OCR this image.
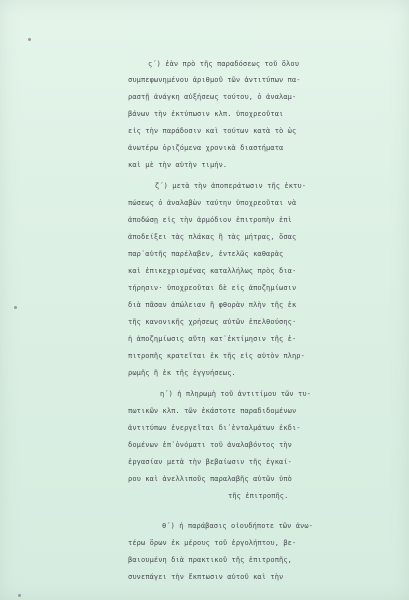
ς΄) ἐὰν πρὸ τῆς παραδόσεως τοῦ ὅλου
συμπεφωνημένου ἀριθμοῦ τῶν ἀντιτύπων πα-
ραστῇ ἀνάγκη αὐξήσεως τούτου, ὁ ἀναλαμ-
βάνων τὴν ἐκτύπωσιν κλπ. ὑποχρεοῦται
εἰς τὴν παράδοσιν καὶ τούτων κατὰ τὸ ὡς
ἀνωτέρω ὁριζόμενα χρονικὰ διαστήματα
καὶ μὲ τὴν αὐτὴν τιμήν.
ζ΄) μετὰ τὴν ἀποπεράτωσιν τῆς ἐκτυ-
πώσεως ὁ ἀναλαβὼν ταύτην ὑποχρεοῦται νὰ
ἀποδώσῃ εἰς τὴν ἁρμόδιον ἐπιτροπὴν ἐπὶ
ἀποδείξει τὰς πλάκας ἢ τὰς μήτρας, ὅσας
παρ᾽αὐτῆς παρέλαβεν, ἐντελῶς καθαρὰς
καὶ ἐπικεχρισμένας καταλλήλως πρὸς δια-
τήρησιν· ὑποχρεοῦται δὲ εἰς ἀποζημίωσιν
διὰ πᾶσαν ἀπώλειαν ἢ φθορὰν πλὴν τῆς ἐκ
τῆς κανονικῆς χρήσεως αὐτῶν ἐπελθούσης·
ἡ ἀποζημίωσις αὕτη κατ᾽ἐκτίμησιν τῆς ἐ-
πιτροπῆς κρατεῖται ἐκ τῆς εἰς αὐτὸν πληρ-
ρωμῆς ἢ ἐκ τῆς ἐγγυήσεως.
η΄) ἡ πληρωμὴ τοῦ ἀντιτίμου τῶν τυ-
πωτικῶν κλπ. τῶν ἑκάστοτε παραδιδομένων
ἀντιτύπων ἐνεργεῖται δι᾽ἐνταλμάτων ἐκδι-
δομένων ἐπ᾽ὀνόματι τοῦ ἀναλαβόντος τὴν
ἐργασίαν μετὰ τὴν βεβαίωσιν τῆς ἐγκαί-
ρου καὶ ἀνελλιποῦς παραλαβῆς αὐτῶν ὑπὸ
τῆς ἐπιτροπῆς.
θ΄) ἡ παράβασις οἱουδήποτε τῶν ἀνω-
τέρω ὅρων ἐκ μέρους τοῦ ἐργολήπτου, βε-
βαιουμένη διὰ πρακτικοῦ τῆς ἐπιτροπῆς,
συνεπάγει τὴν ἔκπτωσιν αὐτοῦ καὶ τὴν
